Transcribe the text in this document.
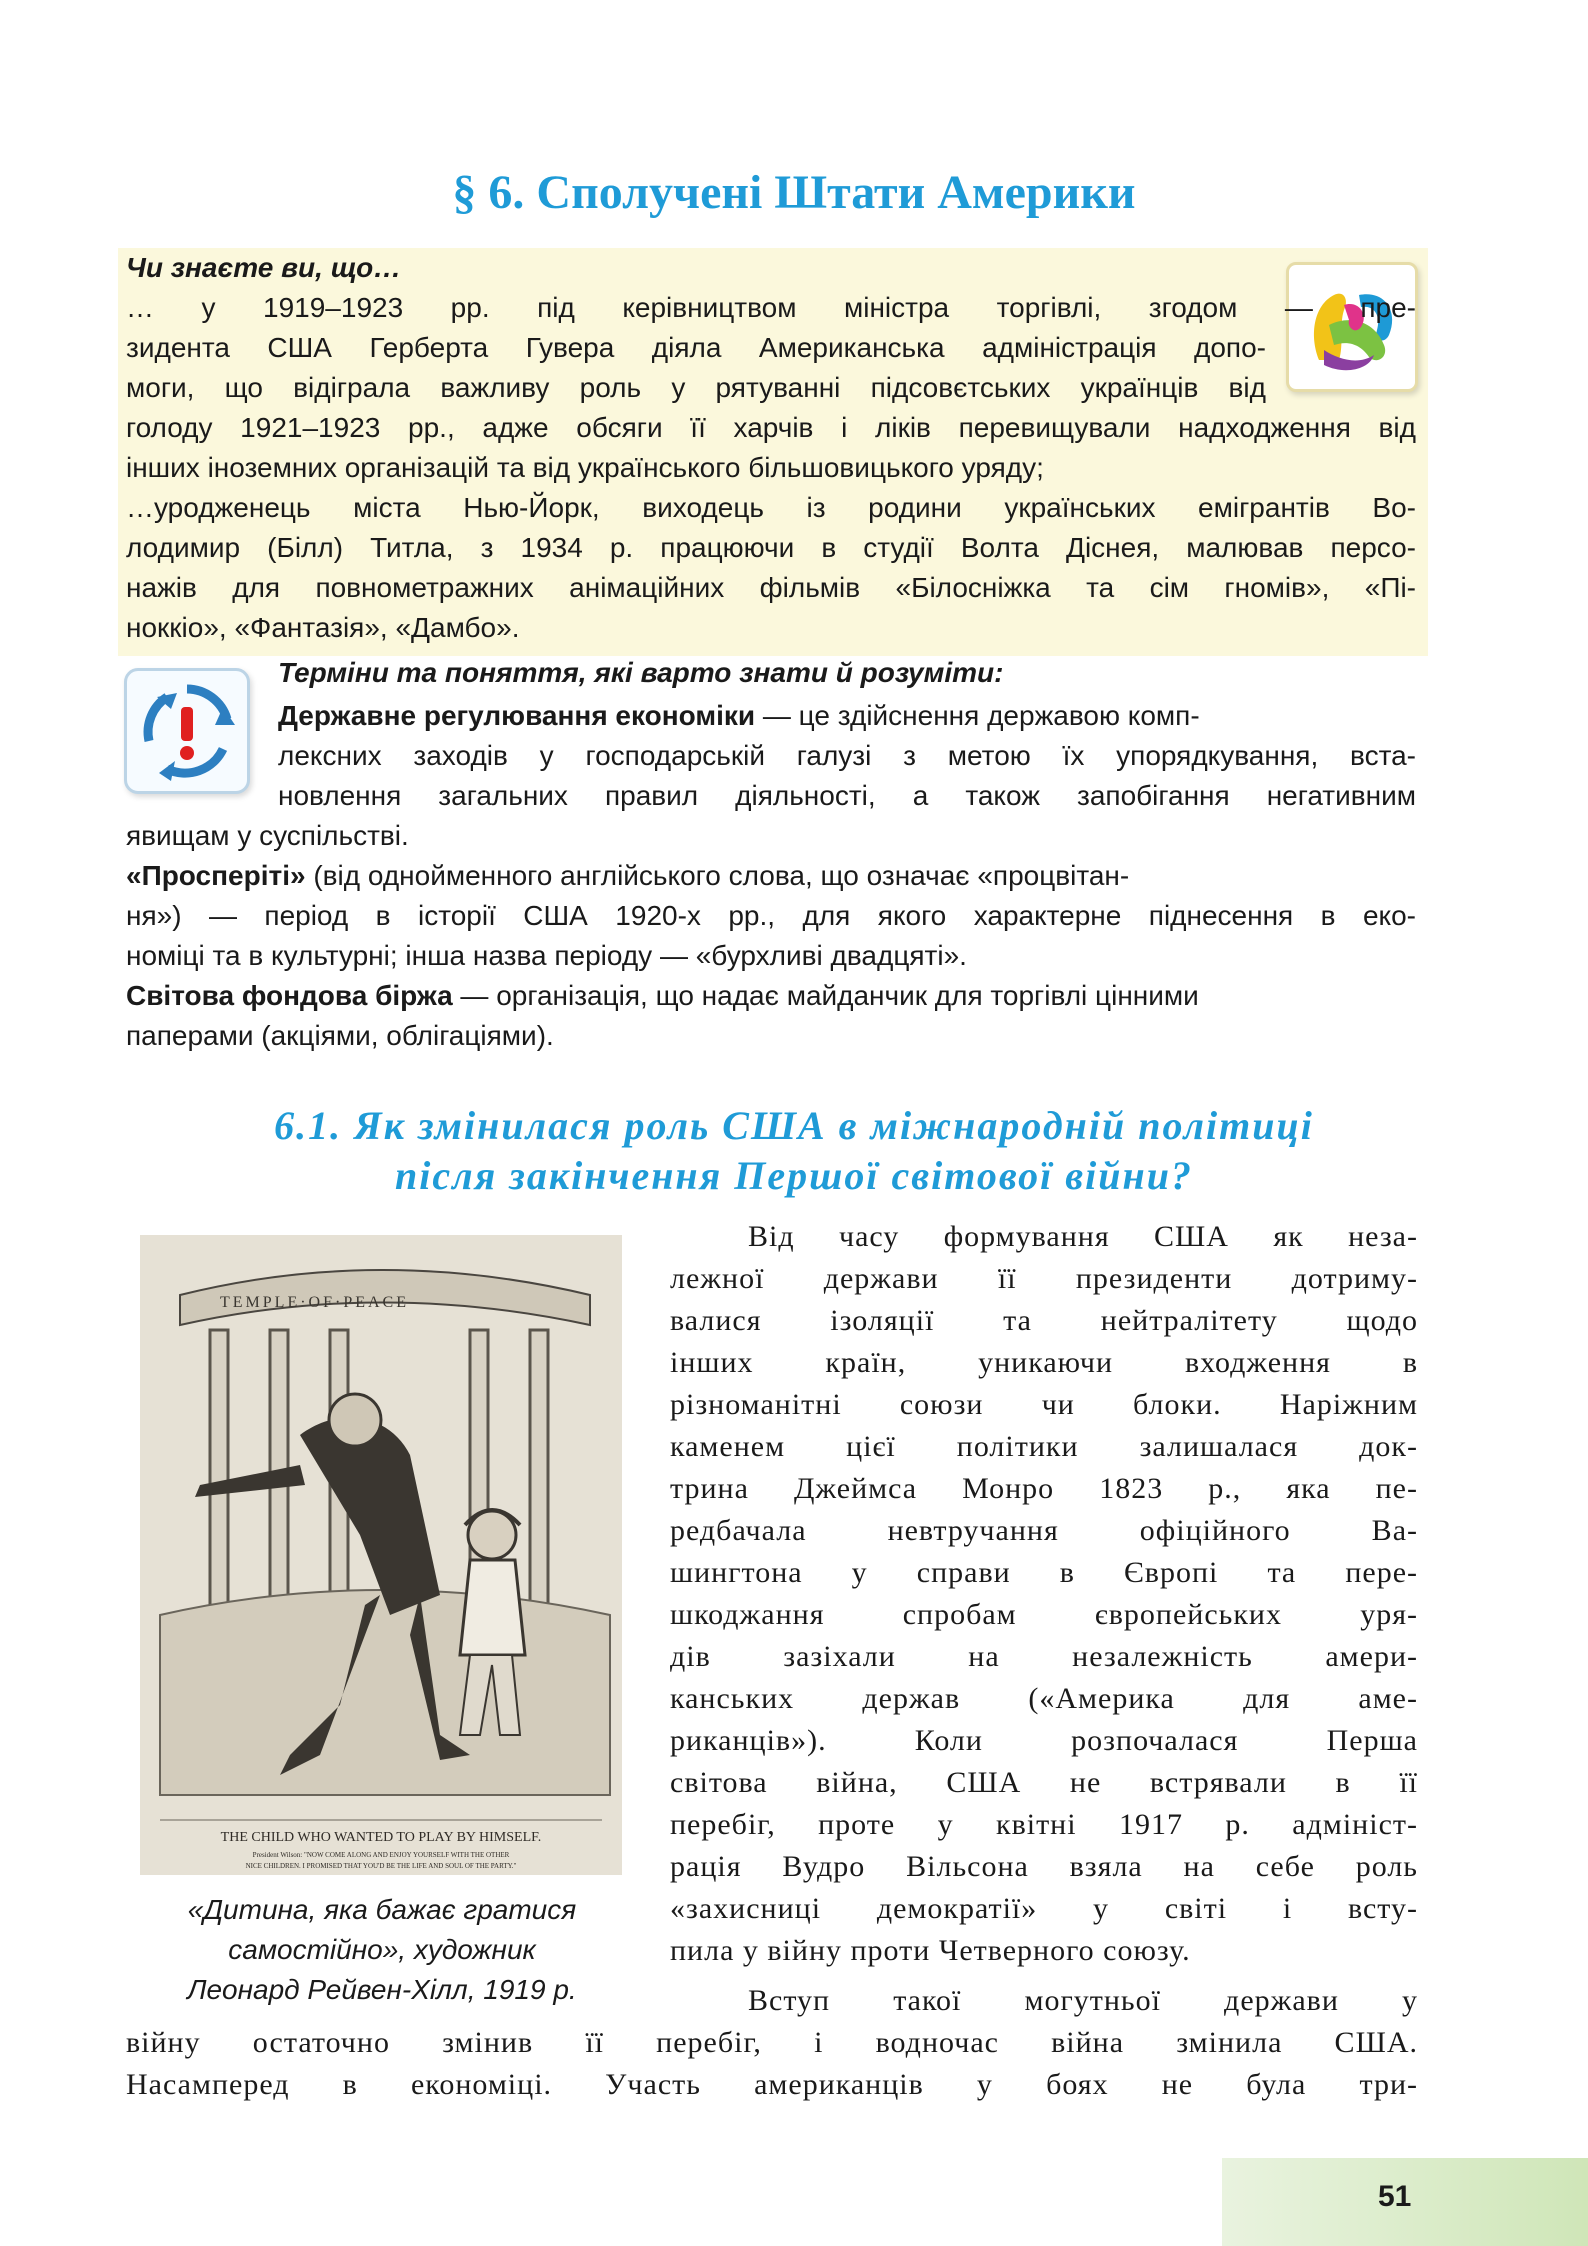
§ 6. Сполучені Штати Америки

Чи знаєте ви, що…

… у 1919–1923 рр. під керівництвом міністра торгівлі, згодом — пре-

зидента США Герберта Гувера діяла Американська адміністрація допо-

моги, що відіграла важливу роль у рятуванні підсовєтських українців від

голоду 1921–1923 рр., адже обсяги її харчів і ліків перевищували надходження від

інших іноземних організацій та від українського більшовицького уряду;

…уродженець міста Нью-Йорк, виходець із родини українських емігрантів Во-

лодимир (Білл) Титла, з 1934 р. працюючи в студії Волта Діснея, малював персо-

нажів для повнометражних анімаційних фільмів «Білосніжка та сім гномів», «Пі-

ноккіо», «Фантазія», «Дамбо».

Терміни та поняття, які варто знати й розуміти:

Державне регулювання економіки — це здійснення державою комп-

лексних заходів у господарській галузі з метою їх упорядкування, вста-

новлення загальних правил діяльності, а також запобігання негативним

явищам у суспільстві.

«Просперіті» (від однойменного англійського слова, що означає «процвітан-

ня») — період в історії США 1920-х рр., для якого характерне піднесення в еко-

номіці та в культурні; інша назва періоду — «бурхливі двадцяті».

Світова фондова біржа — організація, що надає майданчик для торгівлі цінними

паперами (акціями, облігаціями).

6.1. Як змінилася роль США в міжнародній політиці
після закінчення Першої світової війни?
TEMPLE·OF·PEACE
THE CHILD WHO WANTED TO PLAY BY HIMSELF.
President Wilson: "NOW COME ALONG AND ENJOY YOURSELF WITH THE OTHER
NICE CHILDREN. I PROMISED THAT YOU'D BE THE LIFE AND SOUL OF THE PARTY."

«Дитина, яка бажає гратися

самостійно», художник

Леонард Рейвен-Хілл, 1919 р.

Від часу формування США як неза-

лежної держави її президенти дотриму-

валися ізоляції та нейтралітету щодо

інших країн, уникаючи входження в

різноманітні союзи чи блоки. Наріжним

каменем цієї політики залишалася док-

трина Джеймса Монро 1823 р., яка пе-

редбачала невтручання офіційного Ва-

шингтона у справи в Європі та пере-

шкоджання спробам європейських уря-

дів зазіхали на незалежність амери-

канських держав («Америка для аме-

риканців»). Коли розпочалася Перша

світова війна, США не встрявали в її

перебіг, проте у квітні 1917 р. адмініст-

рація Вудро Вільсона взяла на себе роль

«захисниці демократії» у світі і всту-

пила у війну проти Четверного союзу.

Вступ такої могутньої держави у

війну остаточно змінив її перебіг, і водночас війна змінила США.

Насамперед в економіці. Участь американців у боях не була три-

51
